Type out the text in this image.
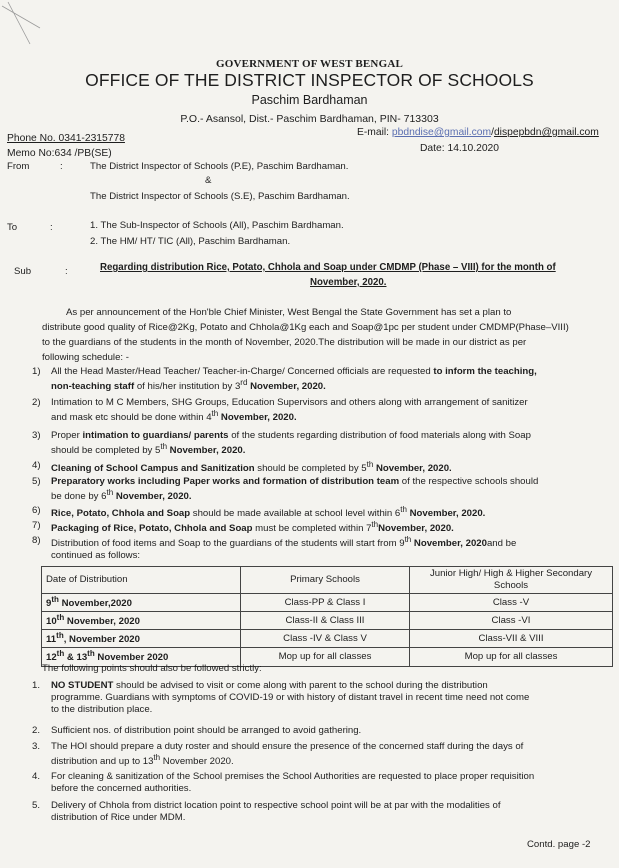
GOVERNMENT OF WEST BENGAL
OFFICE OF THE DISTRICT INSPECTOR OF SCHOOLS
Paschim Bardhaman
P.O.- Asansol, Dist.- Paschim Bardhaman, PIN- 713303
Phone No. 0341-2315778
E-mail: pbdndise@gmail.com/dispepbdn@gmail.com
Memo No:634 /PB(SE)	Date: 14.10.2020
From	:	The District Inspector of Schools (P.E), Paschim Bardhaman.
&
The District Inspector of Schools (S.E), Paschim Bardhaman.
To	:	1. The Sub-Inspector of Schools (All), Paschim Bardhaman.
2. The HM/ HT/ TIC (All), Paschim Bardhaman.
Sub	:	Regarding distribution Rice, Potato, Chhola and Soap under CMDMP (Phase – VIII) for the month of
November, 2020.
As per announcement of the Hon'ble Chief Minister, West Bengal the State Government has set a plan to
distribute good quality of Rice@2Kg, Potato and Chhola@1Kg each and Soap@1pc per student under CMDMP(Phase–VIII)
to the guardians of the students in the month of November, 2020.The distribution will be made in our district as per
following schedule: -
1)	All the Head Master/Head Teacher/ Teacher-in-Charge/ Concerned officials are requested to inform the teaching,
non-teaching staff of his/her institution by 3rd November, 2020.
2)	Intimation to M C Members, SHG Groups, Education Supervisors and others along with arrangement of sanitizer
and mask etc should be done within 4th November, 2020.
3)	Proper intimation to guardians/ parents of the students regarding distribution of food materials along with Soap
should be completed by 5th November, 2020.
4)	Cleaning of School Campus and Sanitization should be completed by 5th November, 2020.
5)	Preparatory works including Paper works and formation of distribution team of the respective schools should
be done by 6th November, 2020.
6)	Rice, Potato, Chhola and Soap should be made available at school level within 6th November, 2020.
7)	Packaging of Rice, Potato, Chhola and Soap must be completed within 7thNovember, 2020.
8)	Distribution of food items and Soap to the guardians of the students will start from 9th November, 2020and be
continued as follows:
Date of Distribution	Primary Schools	Junior High/ High & Higher Secondary Schools
9th November,2020	Class-PP & Class I	Class -V
10th November, 2020	Class-II & Class III	Class -VI
11th, November 2020	Class -IV & Class V	Class-VII & VIII
12th & 13th November 2020	Mop up for all classes	Mop up for all classes
The following points should also be followed strictly:
1.	NO STUDENT should be advised to visit or come along with parent to the school during the distribution
programme. Guardians with symptoms of COVID-19 or with history of distant travel in recent time need not come
to the distribution place.
2.	Sufficient nos. of distribution point should be arranged to avoid gathering.
3.	The HOI should prepare a duty roster and should ensure the presence of the concerned staff during the days of
distribution and up to 13th November 2020.
4.	For cleaning & sanitization of the School premises the School Authorities are requested to place proper requisition
before the concerned authorities.
5.	Delivery of Chhola from district location point to respective school point will be at par with the modalities of
distribution of Rice under MDM.
Contd. page -2
